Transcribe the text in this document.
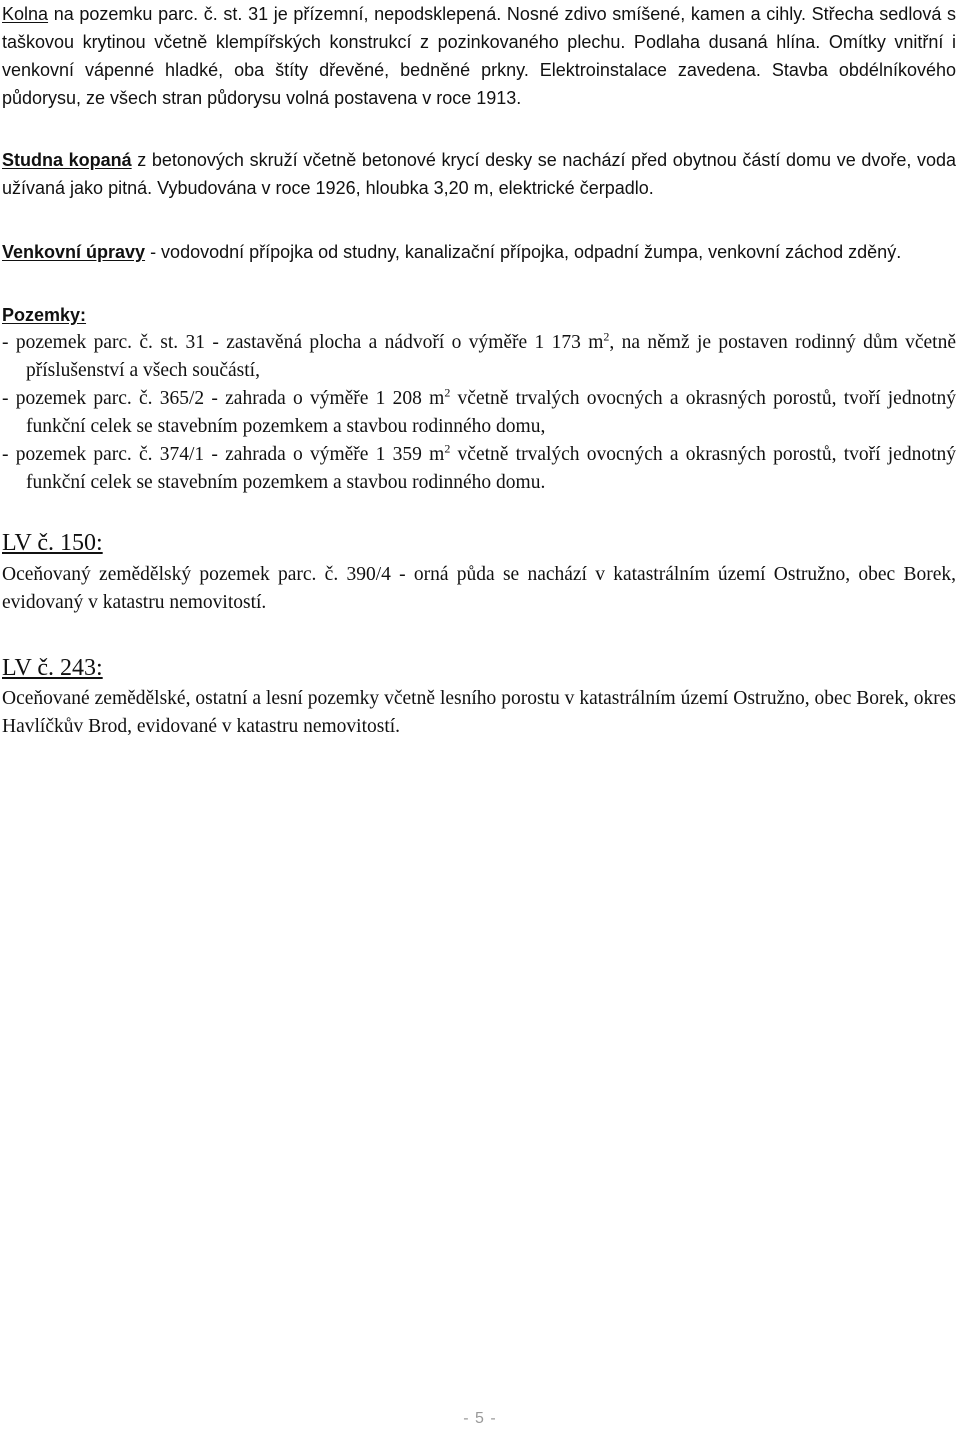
Kolna na pozemku parc. č. st. 31 je přízemní, nepodsklepená. Nosné zdivo smíšené, kamen a cihly. Střecha sedlová s taškovou krytinou včetně klempířských konstrukcí z pozinkovaného plechu. Podlaha dusaná hlína. Omítky vnitřní i venkovní vápenné hladké, oba štíty dřevěné, bedněné prkny. Elektroinstalace zavedena. Stavba obdélníkového půdorysu, ze všech stran půdorysu volná postavena v roce 1913.

Studna kopaná z betonových skruží včetně betonové krycí desky se nachází před obytnou částí domu ve dvoře, voda užívaná jako pitná. Vybudována v roce 1926, hloubka 3,20 m, elektrické čerpadlo.

Venkovní úpravy - vodovodní přípojka od studny, kanalizační přípojka, odpadní žumpa, venkovní záchod zděný.

Pozemky:

- pozemek parc. č. st. 31 - zastavěná plocha a nádvoří o výměře 1 173 $m^2$, na němž je postaven rodinný dům včetně příslušenství a všech součástí,

- pozemek parc. č. 365/2 - zahrada o výměře 1 208 $m^2$ včetně trvalých ovocných a okrasných porostů, tvoří jednotný funkční celek se stavebním pozemkem a stavbou rodinného domu,

- pozemek parc. č. 374/1 - zahrada o výměře 1 359 $m^2$ včetně trvalých ovocných a okrasných porostů, tvoří jednotný funkční celek se stavebním pozemkem a stavbou rodinného domu.

LV č. 150:

Oceňovaný zemědělský pozemek parc. č. 390/4 - orná půda se nachází v katastrálním území Ostružno, obec Borek, evidovaný v katastru nemovitostí.

LV č. 243:

Oceňované zemědělské, ostatní a lesní pozemky včetně lesního porostu v katastrálním území Ostružno, obec Borek, okres Havlíčkův Brod, evidované v katastru nemovitostí.

- 5 -
